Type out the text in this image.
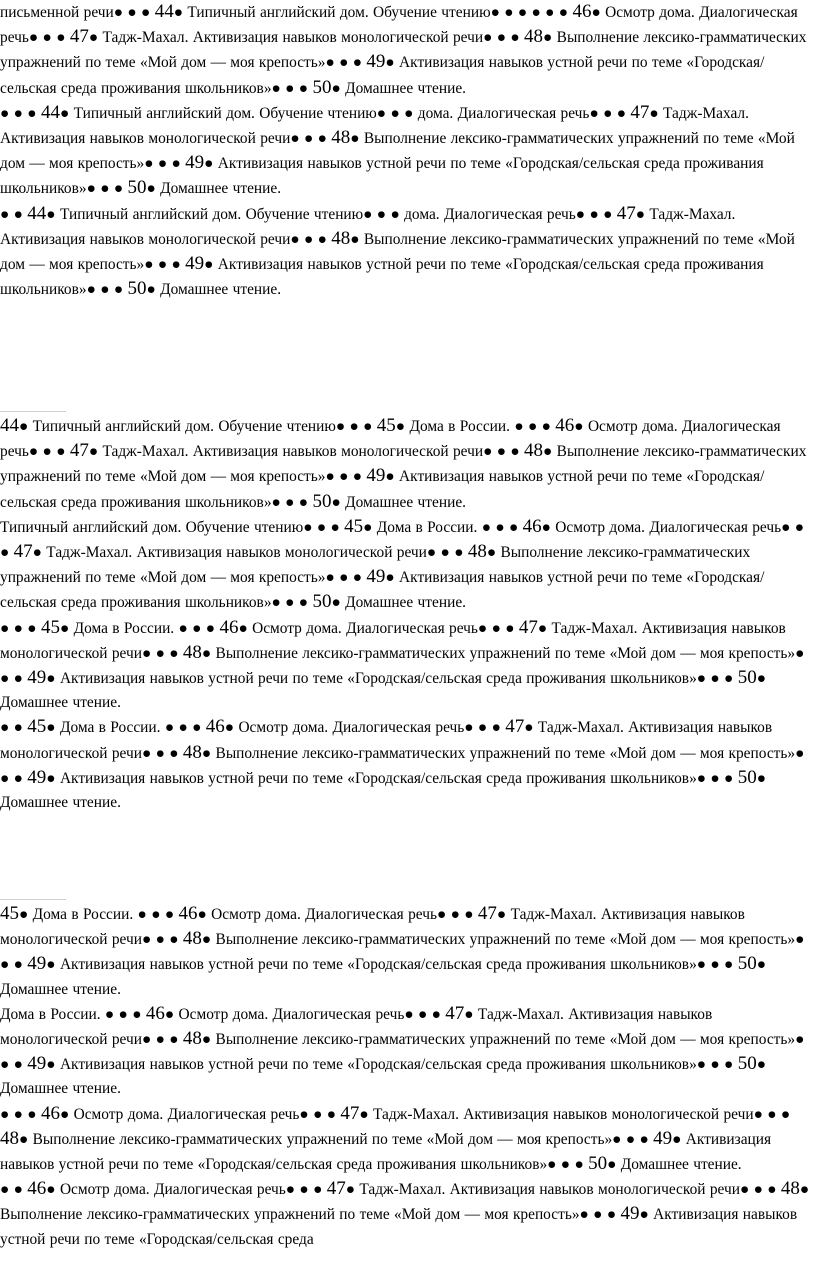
письменной речи● ● ● 44● Типичный английский дом. Обучение чтению● ● ● ● ● ● 46● Осмотр дома. Диалогическая речь● ● ● 47● Тадж-Махал. Активизация навыков монологической речи● ● ● 48● Выполнение лексико-грамматических упражнений по теме «Мой дом — моя крепость»● ● ● 49● Активизация навыков устной речи по теме «Городская/сельская среда проживания школьников»● ● ● 50● Домашнее чтение.
● ● ● 44● Типичный английский дом. Обучение чтению● ● ● дома. Диалогическая речь● ● ● 47● Тадж-Махал. Активизация навыков монологической речи● ● ● 48● Выполнение лексико-грамматических упражнений по теме «Мой дом — моя крепость»● ● ● 49● Активизация навыков устной речи по теме «Городская/сельская среда проживания школьников»● ● ● 50● Домашнее чтение.
● ● 44● Типичный английский дом. Обучение чтению● ● ● дома. Диалогическая речь● ● ● 47● Тадж-Махал. Активизация навыков монологической речи● ● ● 48● Выполнение лексико-грамматических упражнений по теме «Мой дом — моя крепость»● ● ● 49● Активизация навыков устной речи по теме «Городская/сельская среда проживания школьников»● ● ● 50● Домашнее чтение.
44● Типичный английский дом. Обучение чтению● ● ● 45● Дома в России. ● ● ● 46● Осмотр дома. Диалогическая речь● ● ● 47● Тадж-Махал. Активизация навыков монологической речи● ● ● 48● Выполнение лексико-грамматических упражнений по теме «Мой дом — моя крепость»● ● ● 49● Активизация навыков устной речи по теме «Городская/сельская среда проживания школьников»● ● ● 50● Домашнее чтение.
Типичный английский дом. Обучение чтению● ● ● 45● Дома в России. ● ● ● 46● Осмотр дома. Диалогическая речь● ● ● 47● Тадж-Махал. Активизация навыков монологической речи● ● ● 48● Выполнение лексико-грамматических упражнений по теме «Мой дом — моя крепость»● ● ● 49● Активизация навыков устной речи по теме «Городская/сельская среда проживания школьников»● ● ● 50● Домашнее чтение.
● ● ● 45● Дома в России. ● ● ● 46● Осмотр дома. Диалогическая речь● ● ● 47● Тадж-Махал. Активизация навыков монологической речи● ● ● 48● Выполнение лексико-грамматических упражнений по теме «Мой дом — моя крепость»● ● ● 49● Активизация навыков устной речи по теме «Городская/сельская среда проживания школьников»● ● ● 50● Домашнее чтение.
● ● 45● Дома в России. ● ● ● 46● Осмотр дома. Диалогическая речь● ● ● 47● Тадж-Махал. Активизация навыков монологической речи● ● ● 48● Выполнение лексико-грамматических упражнений по теме «Мой дом — моя крепость»● ● ● 49● Активизация навыков устной речи по теме «Городская/сельская среда проживания школьников»● ● ● 50● Домашнее чтение.
45● Дома в России. ● ● ● 46● Осмотр дома. Диалогическая речь● ● ● 47● Тадж-Махал. Активизация навыков монологической речи● ● ● 48● Выполнение лексико-грамматических упражнений по теме «Мой дом — моя крепость»● ● ● 49● Активизация навыков устной речи по теме «Городская/сельская среда проживания школьников»● ● ● 50● Домашнее чтение.
Дома в России. ● ● ● 46● Осмотр дома. Диалогическая речь● ● ● 47● Тадж-Махал. Активизация навыков монологической речи● ● ● 48● Выполнение лексико-грамматических упражнений по теме «Мой дом — моя крепость»● ● ● 49● Активизация навыков устной речи по теме «Городская/сельская среда проживания школьников»● ● ● 50● Домашнее чтение.
● ● ● 46● Осмотр дома. Диалогическая речь● ● ● 47● Тадж-Махал. Активизация навыков монологической речи● ● ● 48● Выполнение лексико-грамматических упражнений по теме «Мой дом — моя крепость»● ● ● 49● Активизация навыков устной речи по теме «Городская/сельская среда проживания школьников»● ● ● 50● Домашнее чтение.
● ● 46● Осмотр дома. Диалогическая речь● ● ● 47● Тадж-Махал. Активизация навыков монологической речи● ● ● 48● Выполнение лексико-грамматических упражнений по теме «Мой дом — моя крепость»● ● ● 49● Активизация навыков устной речи по теме «Городская/сельская среда
